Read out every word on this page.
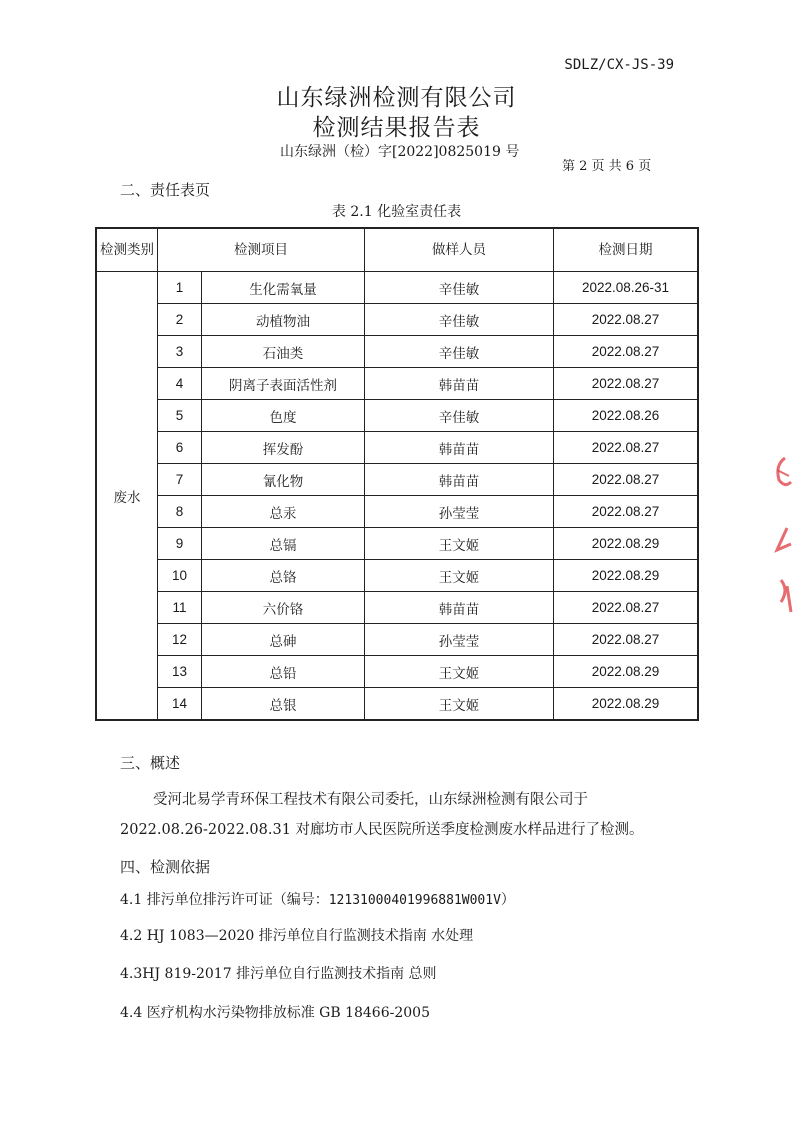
SDLZ/CX-JS-39
山东绿洲检测有限公司
检测结果报告表
山东绿洲（检）字[2022]0825019 号
第 2 页 共 6 页
二、责任表页
表 2.1 化验室责任表
检测类别	检测项目		做样人员	检测日期
废水	1	生化需氧量	辛佳敏	2022.08.26-31
	2	动植物油	辛佳敏	2022.08.27
	3	石油类	辛佳敏	2022.08.27
	4	阴离子表面活性剂	韩苗苗	2022.08.27
	5	色度	辛佳敏	2022.08.26
	6	挥发酚	韩苗苗	2022.08.27
	7	氰化物	韩苗苗	2022.08.27
	8	总汞	孙莹莹	2022.08.27
	9	总镉	王文姬	2022.08.29
	10	总铬	王文姬	2022.08.29
	11	六价铬	韩苗苗	2022.08.27
	12	总砷	孙莹莹	2022.08.27
	13	总铅	王文姬	2022.08.29
	14	总银	王文姬	2022.08.29
三、概述
受河北易学青环保工程技术有限公司委托，山东绿洲检测有限公司于 2022.08.26-2022.08.31 对廊坊市人民医院所送季度检测废水样品进行了检测。
四、检测依据
4.1 排污单位排污许可证（编号：12131000401996881W001V）
4.2 HJ 1083—2020 排污单位自行监测技术指南 水处理
4.3HJ 819-2017 排污单位自行监测技术指南 总则
4.4 医疗机构水污染物排放标准 GB 18466-2005
